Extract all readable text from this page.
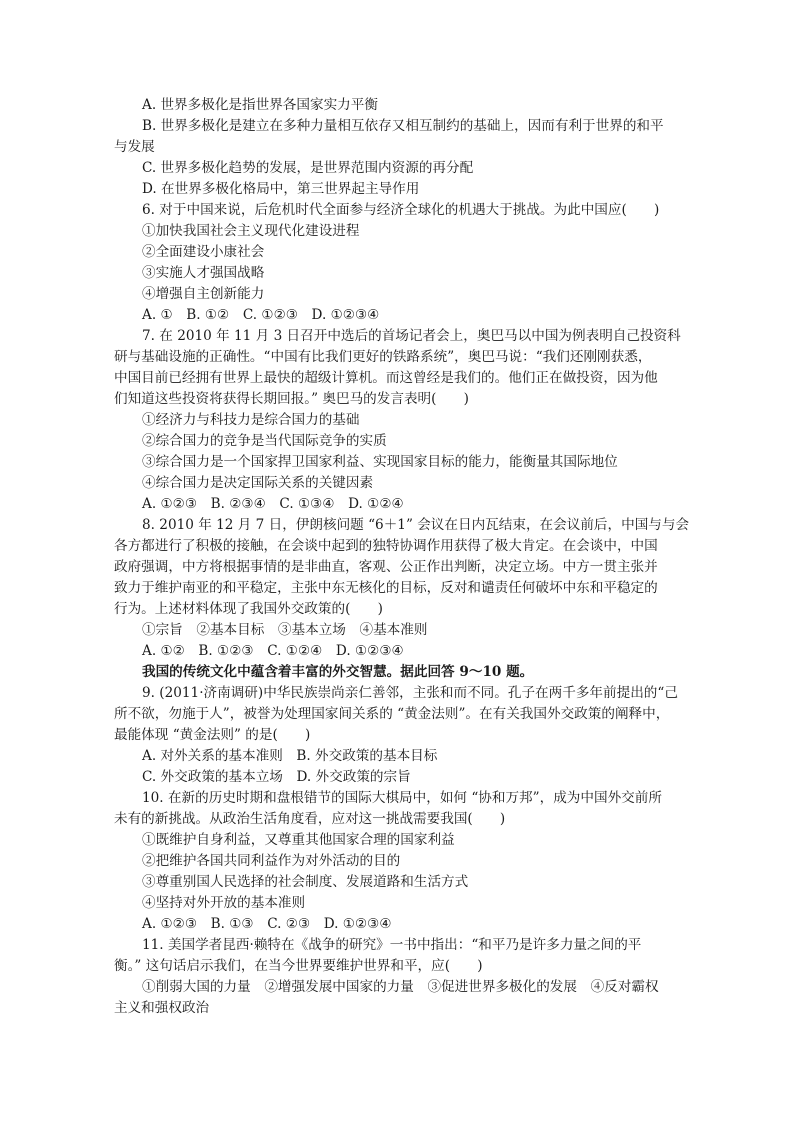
A. 世界多极化是指世界各国家实力平衡
B. 世界多极化是建立在多种力量相互依存又相互制约的基础上，因而有利于世界的和平
与发展
C. 世界多极化趋势的发展，是世界范围内资源的再分配
D. 在世界多极化格局中，第三世界起主导作用
6. 对于中国来说，后危机时代全面参与经济全球化的机遇大于挑战。为此中国应(　　)
①加快我国社会主义现代化建设进程
②全面建设小康社会
③实施人才强国战略
④增强自主创新能力
A. ①　B. ①②　C. ①②③　D. ①②③④
7. 在 2010 年 11 月 3 日召开中选后的首场记者会上，奥巴马以中国为例表明自己投资科
研与基础设施的正确性。“中国有比我们更好的铁路系统”，奥巴马说：“我们还刚刚获悉，
中国目前已经拥有世界上最快的超级计算机。而这曾经是我们的。他们正在做投资，因为他
们知道这些投资将获得长期回报。” 奥巴马的发言表明(　　)
①经济力与科技力是综合国力的基础
②综合国力的竞争是当代国际竞争的实质
③综合国力是一个国家捍卫国家利益、实现国家目标的能力，能衡量其国际地位
④综合国力是决定国际关系的关键因素
A. ①②③　B. ②③④　C. ①③④　D. ①②④
8. 2010 年 12 月 7 日，伊朗核问题 “6＋1” 会议在日内瓦结束，在会议前后，中国与与会
各方都进行了积极的接触，在会谈中起到的独特协调作用获得了极大肯定。在会谈中，中国
政府强调，中方将根据事情的是非曲直，客观、公正作出判断，决定立场。中方一贯主张并
致力于维护南亚的和平稳定，主张中东无核化的目标，反对和谴责任何破坏中东和平稳定的
行为。上述材料体现了我国外交政策的(　　)
①宗旨　②基本目标　③基本立场　④基本准则
A. ①②　B. ①②③　C. ①②④　D. ①②③④
我国的传统文化中蕴含着丰富的外交智慧。据此回答 9～10 题。
9. (2011·济南调研)中华民族崇尚亲仁善邻，主张和而不同。孔子在两千多年前提出的“己
所不欲，勿施于人”，被誉为处理国家间关系的 “黄金法则”。在有关我国外交政策的阐释中，
最能体现 “黄金法则” 的是(　　)
A. 对外关系的基本准则　B. 外交政策的基本目标
C. 外交政策的基本立场　D. 外交政策的宗旨
10. 在新的历史时期和盘根错节的国际大棋局中，如何 “协和万邦”，成为中国外交前所
未有的新挑战。从政治生活角度看，应对这一挑战需要我国(　　)
①既维护自身利益，又尊重其他国家合理的国家利益
②把维护各国共同利益作为对外活动的目的
③尊重别国人民选择的社会制度、发展道路和生活方式
④坚持对外开放的基本准则
A. ①②③　B. ①③　C. ②③　D. ①②③④
11. 美国学者昆西·赖特在《战争的研究》一书中指出：“和平乃是许多力量之间的平
衡。” 这句话启示我们，在当今世界要维护世界和平，应(　　)
①削弱大国的力量　②增强发展中国家的力量　③促进世界多极化的发展　④反对霸权
主义和强权政治
